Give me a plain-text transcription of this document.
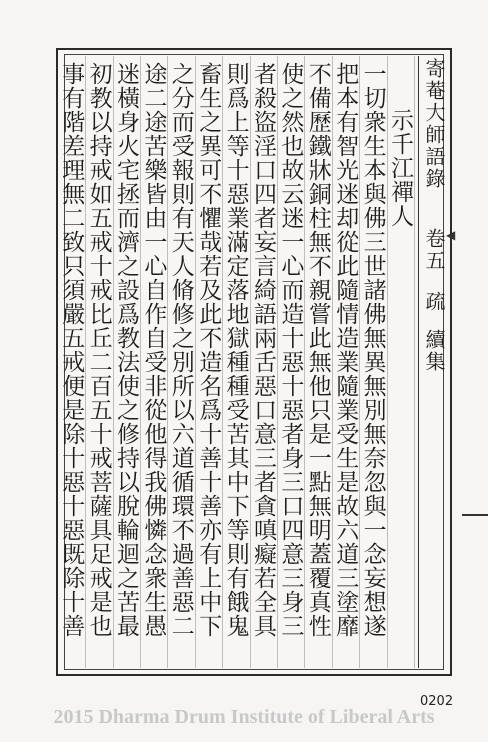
寄菴大師語錄 卷五 疏 續集
◀
示千江禪人
一切衆生本與佛三世諸佛無異無別無奈忽與一念妄想遂
把本有智光迷却從此隨情造業隨業受生是故六道三塗靡
不備歷鐵牀銅柱無不親嘗此無他只是一點無明蓋覆真性
使之然也故云迷一心而造十惡十惡者身三口四意三身三
者殺盜淫口四者妄言綺語兩舌惡口意三者貪嗔癡若全具
則爲上等十惡業滿定落地獄種種受苦其中下等則有餓鬼
畜生之異可不懼哉若及此不造名爲十善十善亦有上中下
之分而受報則有天人脩修之別所以六道循環不過善惡二
途二途苦樂皆由一心自作自受非從他得我佛憐念衆生愚
迷橫身火宅拯而濟之設爲教法使之修持以脫輪迴之苦最
初教以持戒如五戒十戒比丘二百五十戒菩薩具足戒是也
事有階差理無二致只須嚴五戒便是除十惡十惡既除十善
0202
2015 Dharma Drum Institute of Liberal Arts
